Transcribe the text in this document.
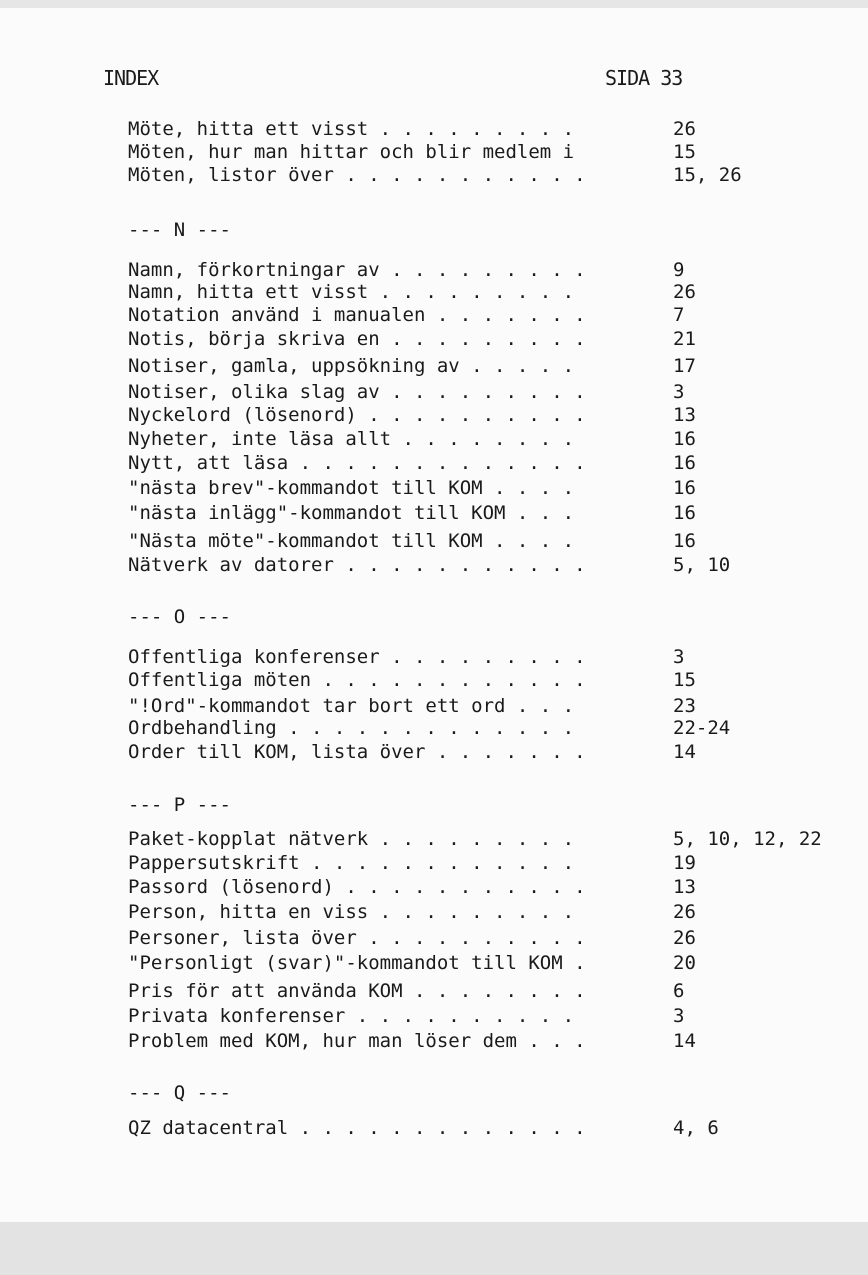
INDEX	SIDA 33
Möte, hitta ett visst . . . . . . . . .	26
Möten, hur man hittar och blir medlem i	15
Möten, listor över . . . . . . . . . . .	15, 26
--- N ---
Namn, förkortningar av . . . . . . . . .	9
Namn, hitta ett visst . . . . . . . . .	26
Notation använd i manualen . . . . . . .	7
Notis, börja skriva en . . . . . . . . .	21
Notiser, gamla, uppsökning av . . . . .	17
Notiser, olika slag av . . . . . . . . .	3
Nyckelord (lösenord) . . . . . . . . . .	13
Nyheter, inte läsa allt . . . . . . . .	16
Nytt, att läsa . . . . . . . . . . . . .	16
"nästa brev"-kommandot till KOM . . . .	16
"nästa inlägg"-kommandot till KOM . . .	16
"Nästa möte"-kommandot till KOM . . . .	16
Nätverk av datorer . . . . . . . . . . .	5, 10
--- O ---
Offentliga konferenser . . . . . . . . .	3
Offentliga möten . . . . . . . . . . . .	15
"!Ord"-kommandot tar bort ett ord . . .	23
Ordbehandling . . . . . . . . . . . . .	22-24
Order till KOM, lista över . . . . . . .	14
--- P ---
Paket-kopplat nätverk . . . . . . . . .	5, 10, 12, 22
Pappersutskrift . . . . . . . . . . . .	19
Passord (lösenord) . . . . . . . . . . .	13
Person, hitta en viss . . . . . . . . .	26
Personer, lista över . . . . . . . . . .	26
"Personligt (svar)"-kommandot till KOM .	20
Pris för att använda KOM . . . . . . . .	6
Privata konferenser . . . . . . . . . .	3
Problem med KOM, hur man löser dem . . .	14
--- Q ---
QZ datacentral . . . . . . . . . . . . .	4, 6
